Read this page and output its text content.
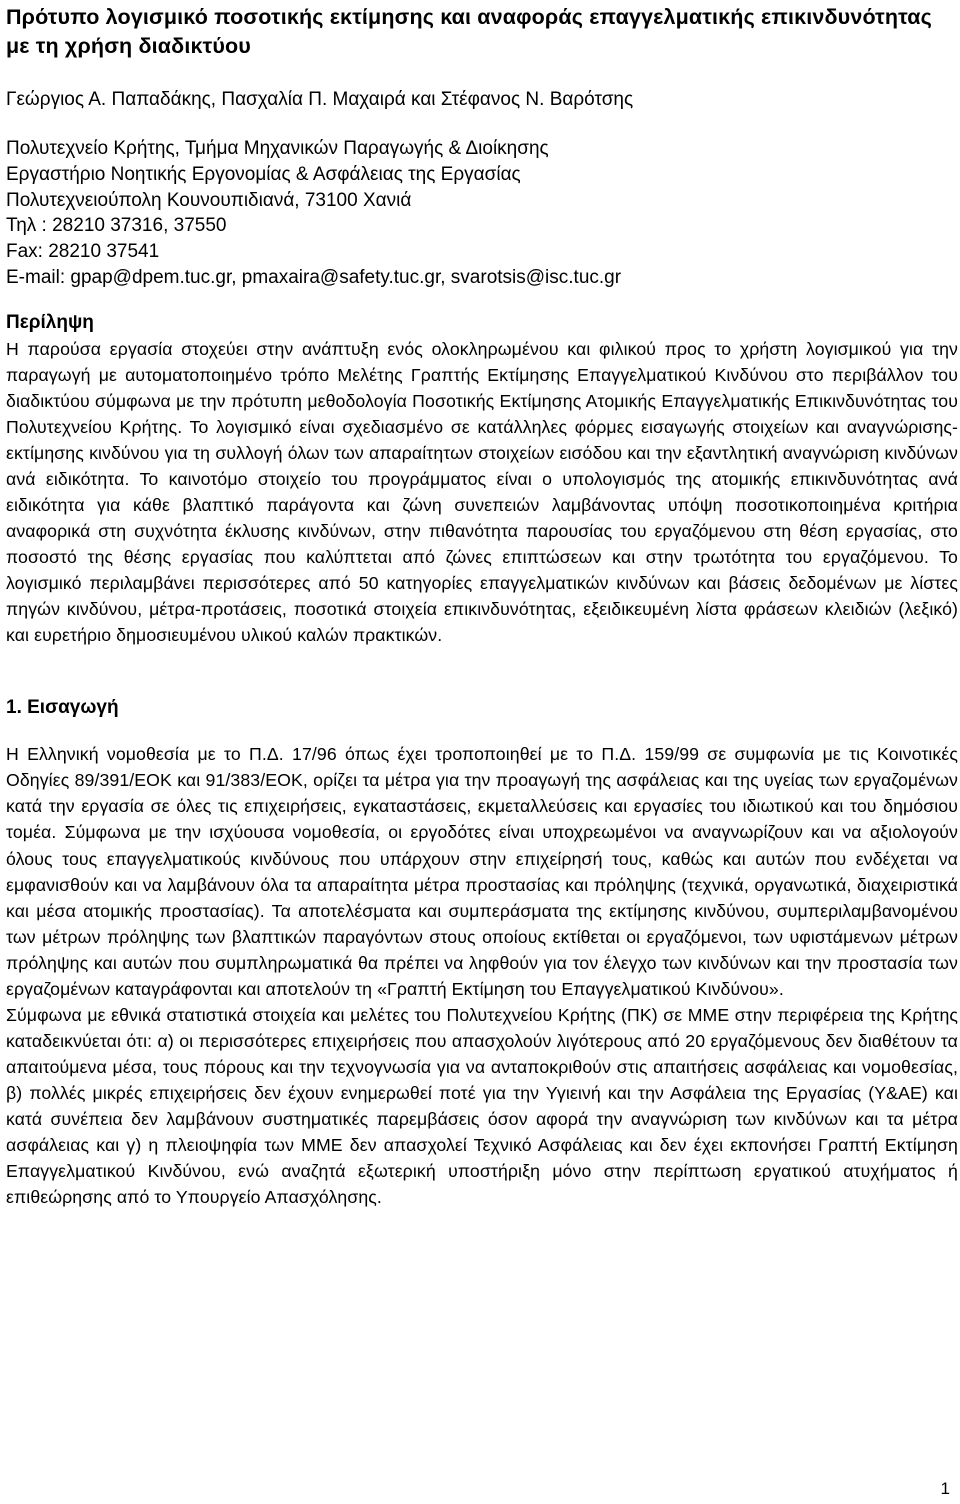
Πρότυπο λογισμικό ποσοτικής εκτίμησης και αναφοράς επαγγελματικής επικινδυνότητας με τη χρήση διαδικτύου

Γεώργιος Α. Παπαδάκης, Πασχαλία Π. Μαχαιρά και Στέφανος Ν. Βαρότσης

Πολυτεχνείο Κρήτης, Τμήμα Μηχανικών Παραγωγής & Διοίκησης
Εργαστήριο Νοητικής Εργονομίας & Ασφάλειας της Εργασίας
Πολυτεχνειούπολη Κουνουπιδιανά, 73100 Χανιά
Τηλ : 28210 37316, 37550
Fax: 28210 37541
E-mail: gpap@dpem.tuc.gr, pmaxaira@safety.tuc.gr, svarotsis@isc.tuc.gr
Περίληψη

Η παρούσα εργασία στοχεύει στην ανάπτυξη ενός ολοκληρωμένου και φιλικού προς το χρήστη λογισμικού για την παραγωγή με αυτοματοποιημένο τρόπο Μελέτης Γραπτής Εκτίμησης Επαγγελματικού Κινδύνου στο περιβάλλον του διαδικτύου σύμφωνα με την πρότυπη μεθοδολογία Ποσοτικής Εκτίμησης Ατομικής Επαγγελματικής Επικινδυνότητας του Πολυτεχνείου Κρήτης. Το λογισμικό είναι σχεδιασμένο σε κατάλληλες φόρμες εισαγωγής στοιχείων και αναγνώρισης-εκτίμησης κινδύνου για τη συλλογή όλων των απαραίτητων στοιχείων εισόδου και την εξαντλητική αναγνώριση κινδύνων ανά ειδικότητα. Το καινοτόμο στοιχείο του προγράμματος είναι ο υπολογισμός της ατομικής επικινδυνότητας ανά ειδικότητα για κάθε βλαπτικό παράγοντα και ζώνη συνεπειών λαμβάνοντας υπόψη ποσοτικοποιημένα κριτήρια αναφορικά στη συχνότητα έκλυσης κινδύνων, στην πιθανότητα παρουσίας του εργαζόμενου στη θέση εργασίας, στο ποσοστό της θέσης εργασίας που καλύπτεται από ζώνες επιπτώσεων και στην τρωτότητα του εργαζόμενου. Το λογισμικό περιλαμβάνει περισσότερες από 50 κατηγορίες επαγγελματικών κινδύνων και βάσεις δεδομένων με λίστες πηγών κινδύνου, μέτρα-προτάσεις, ποσοτικά στοιχεία επικινδυνότητας, εξειδικευμένη λίστα φράσεων κλειδιών (λεξικό) και ευρετήριο δημοσιευμένου υλικού καλών πρακτικών.

1. Εισαγωγή

Η Ελληνική νομοθεσία με το Π.Δ. 17/96 όπως έχει τροποποιηθεί με το Π.Δ. 159/99 σε συμφωνία με τις Κοινοτικές Οδηγίες 89/391/ΕΟΚ και 91/383/ΕΟΚ, ορίζει τα μέτρα για την προαγωγή της ασφάλειας και της υγείας των εργαζομένων κατά την εργασία σε όλες τις επιχειρήσεις, εγκαταστάσεις, εκμεταλλεύσεις και εργασίες του ιδιωτικού και του δημόσιου τομέα. Σύμφωνα με την ισχύουσα νομοθεσία, οι εργοδότες είναι υποχρεωμένοι να αναγνωρίζουν και να αξιολογούν όλους τους επαγγελματικούς κινδύνους που υπάρχουν στην επιχείρησή τους, καθώς και αυτών που ενδέχεται να εμφανισθούν και να λαμβάνουν όλα τα απαραίτητα μέτρα προστασίας και πρόληψης (τεχνικά, οργανωτικά, διαχειριστικά και μέσα ατομικής προστασίας). Τα αποτελέσματα και συμπεράσματα της εκτίμησης κινδύνου, συμπεριλαμβανομένου των μέτρων πρόληψης των βλαπτικών παραγόντων στους οποίους εκτίθεται οι εργαζόμενοι, των υφιστάμενων μέτρων πρόληψης και αυτών που συμπληρωματικά θα πρέπει να ληφθούν για τον έλεγχο των κινδύνων και την προστασία των εργαζομένων καταγράφονται και αποτελούν τη «Γραπτή Εκτίμηση του Επαγγελματικού Κινδύνου».

Σύμφωνα με εθνικά στατιστικά στοιχεία και μελέτες του Πολυτεχνείου Κρήτης (ΠΚ) σε ΜΜΕ στην περιφέρεια της Κρήτης καταδεικνύεται ότι: α) οι περισσότερες επιχειρήσεις που απασχολούν λιγότερους από 20 εργαζόμενους δεν διαθέτουν τα απαιτούμενα μέσα, τους πόρους και την τεχνογνωσία για να ανταποκριθούν στις απαιτήσεις ασφάλειας και νομοθεσίας, β) πολλές μικρές επιχειρήσεις δεν έχουν ενημερωθεί ποτέ για την Υγιεινή και την Ασφάλεια της Εργασίας (Υ&ΑΕ) και κατά συνέπεια δεν λαμβάνουν συστηματικές παρεμβάσεις όσον αφορά την αναγνώριση των κινδύνων και τα μέτρα ασφάλειας και γ) η πλειοψηφία των ΜΜΕ δεν απασχολεί Τεχνικό Ασφάλειας και δεν έχει εκπονήσει Γραπτή Εκτίμηση Επαγγελματικού Κινδύνου, ενώ αναζητά εξωτερική υποστήριξη μόνο στην περίπτωση εργατικού ατυχήματος ή επιθεώρησης από το Υπουργείο Απασχόλησης.

1
